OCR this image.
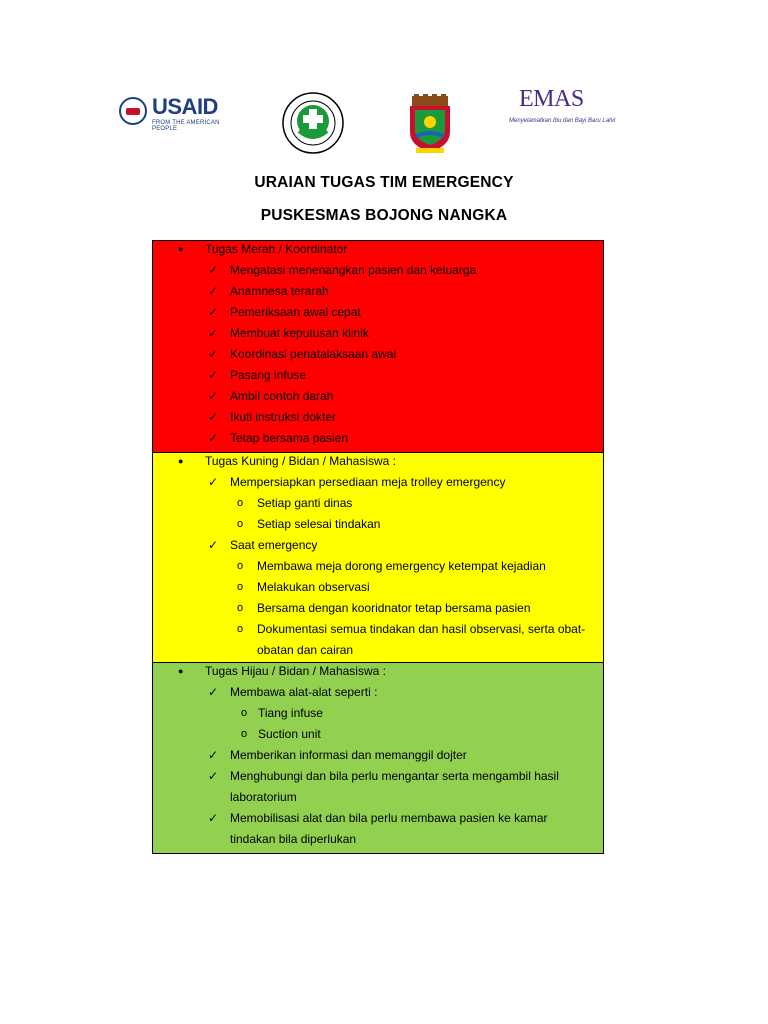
USAID
FROM THE AMERICAN PEOPLE
EMAS
Menyelamatkan Ibu dan Bayi Baru Lahir
URAIAN TUGAS TIM EMERGENCY
PUSKESMAS BOJONG NANGKA
● Tugas Merah / Koordinator
✓ Mengatasi menenangkan pasien dan keluarga
✓ Anamnesa terarah
✓ Pemeriksaan awal cepat
✓ Membuat keputusan klinik
✓ Koordinasi penatalaksaan awal
✓ Pasang infuse
✓ Ambil contoh darah
✓ Ikuti instruksi dokter
✓ Tetap bersama pasien
● Tugas Kuning / Bidan / Mahasiswa :
✓ Mempersiapkan persediaan meja trolley emergency
o Setiap ganti dinas
o Setiap selesai tindakan
✓ Saat emergency
o Membawa meja dorong emergency ketempat kejadian
o Melakukan observasi
o Bersama dengan kooridnator tetap bersama pasien
o Dokumentasi semua tindakan dan hasil observasi, serta obat-
obatan dan cairan
● Tugas Hijau / Bidan / Mahasiswa :
✓ Membawa alat-alat seperti :
o Tiang infuse
o Suction unit
✓ Memberikan informasi dan memanggil dojter
✓ Menghubungi dan bila perlu mengantar serta mengambil hasil
laboratorium
✓ Memobilisasi alat dan bila perlu membawa pasien ke kamar
tindakan bila diperlukan
